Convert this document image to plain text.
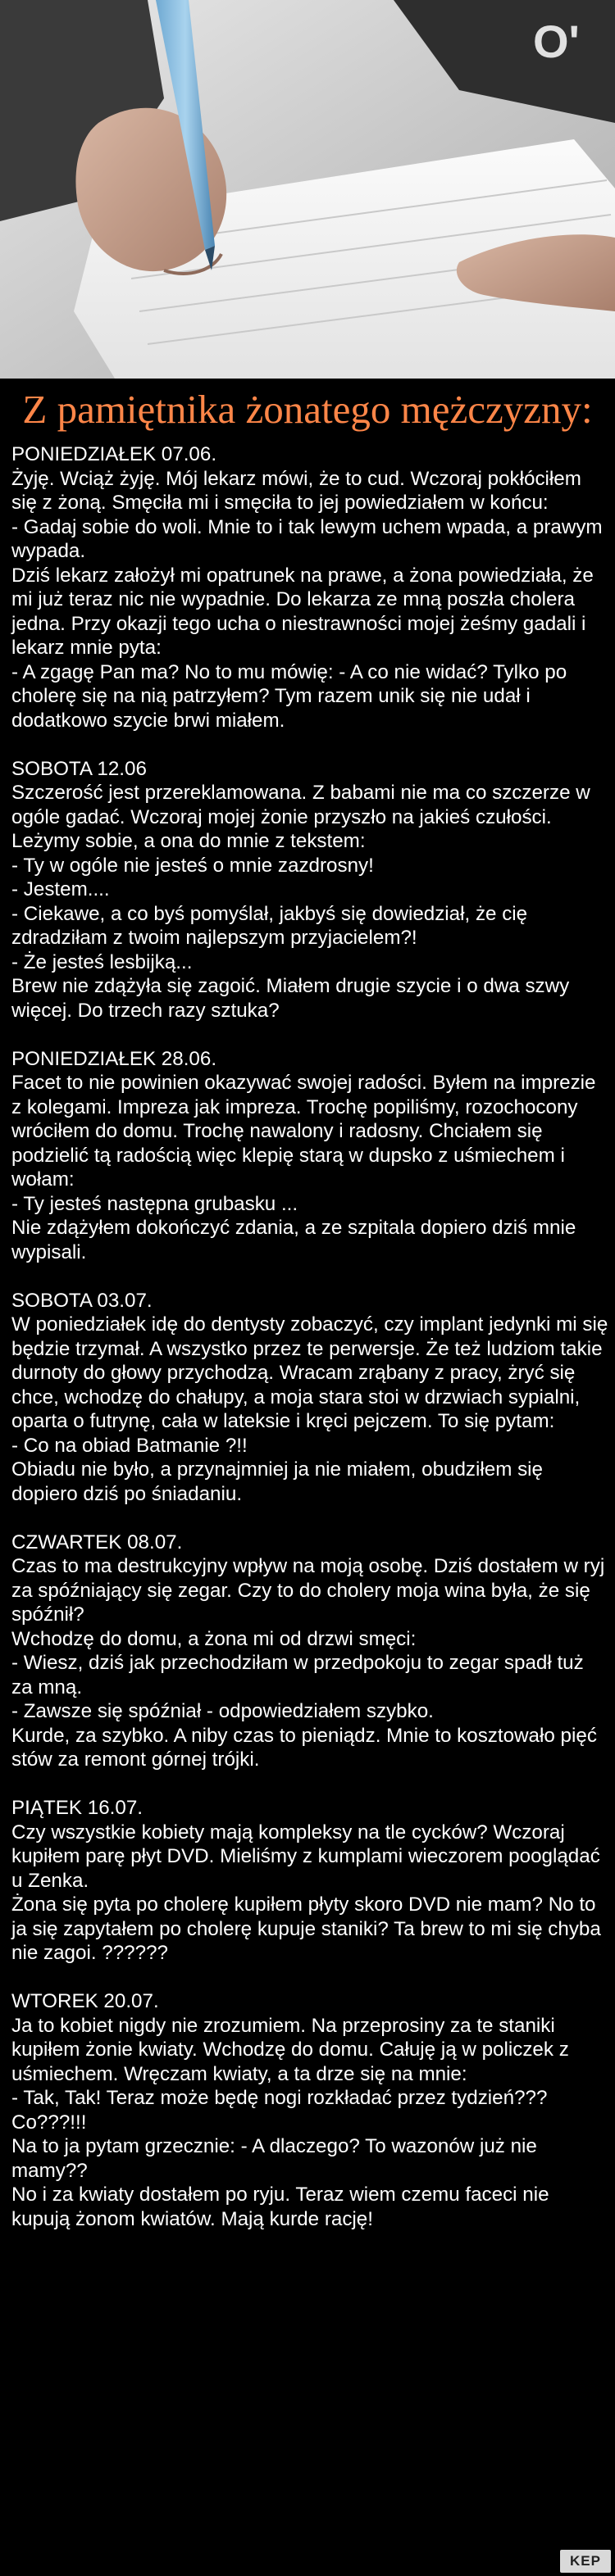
O'
Z pamiętnika żonatego mężczyzny:
PONIEDZIAŁEK 07.06.
Żyję. Wciąż żyję. Mój lekarz mówi, że to cud. Wczoraj pokłóciłem się z żoną. Smęciła mi i smęciła to jej powiedziałem w końcu:
- Gadaj sobie do woli. Mnie to i tak lewym uchem wpada, a prawym wypada.
Dziś lekarz założył mi opatrunek na prawe, a żona powiedziała, że mi już teraz nic nie wypadnie. Do lekarza ze mną poszła cholera jedna. Przy okazji tego ucha o niestrawności mojej żeśmy gadali i lekarz mnie pyta:
- A zgagę Pan ma? No to mu mówię: - A co nie widać? Tylko po cholerę się na nią patrzyłem? Tym razem unik się nie udał i dodatkowo szycie brwi miałem.
SOBOTA 12.06
Szczerość jest przereklamowana. Z babami nie ma co szczerze w ogóle gadać. Wczoraj mojej żonie przyszło na jakieś czułości. Leżymy sobie, a ona do mnie z tekstem:
- Ty w ogóle nie jesteś o mnie zazdrosny!
- Jestem....
- Ciekawe, a co byś pomyślał, jakbyś się dowiedział, że cię zdradziłam z twoim najlepszym przyjacielem?!
- Że jesteś lesbijką...
Brew nie zdążyła się zagoić. Miałem drugie szycie i o dwa szwy więcej. Do trzech razy sztuka?
PONIEDZIAŁEK 28.06.
Facet to nie powinien okazywać swojej radości. Byłem na imprezie z kolegami. Impreza jak impreza. Trochę popiliśmy, rozochocony wróciłem do domu. Trochę nawalony i radosny. Chciałem się podzielić tą radością więc klepię starą w dupsko z uśmiechem i wołam:
- Ty jesteś następna grubasku ...
Nie zdążyłem dokończyć zdania, a ze szpitala dopiero dziś mnie wypisali.
SOBOTA 03.07.
W poniedziałek idę do dentysty zobaczyć, czy implant jedynki mi się będzie trzymał. A wszystko przez te perwersje. Że też ludziom takie durnoty do głowy przychodzą. Wracam zrąbany z pracy, żryć się chce, wchodzę do chałupy, a moja stara stoi w drzwiach sypialni, oparta o futrynę, cała w lateksie i kręci pejczem. To się pytam:
- Co na obiad Batmanie ?!!
Obiadu nie było, a przynajmniej ja nie miałem, obudziłem się dopiero dziś po śniadaniu.
CZWARTEK 08.07.
Czas to ma destrukcyjny wpływ na moją osobę. Dziś dostałem w ryj za spóźniający się zegar. Czy to do cholery moja wina była, że się spóźnił?
Wchodzę do domu, a żona mi od drzwi smęci:
- Wiesz, dziś jak przechodziłam w przedpokoju to zegar spadł tuż za mną.
- Zawsze się spóźniał - odpowiedziałem szybko.
Kurde, za szybko. A niby czas to pieniądz. Mnie to kosztowało pięć stów za remont górnej trójki.
PIĄTEK 16.07.
Czy wszystkie kobiety mają kompleksy na tle cycków? Wczoraj kupiłem parę płyt DVD. Mieliśmy z kumplami wieczorem pooglądać u Zenka.
Żona się pyta po cholerę kupiłem płyty skoro DVD nie mam? No to ja się zapytałem po cholerę kupuje staniki? Ta brew to mi się chyba nie zagoi. ??????
WTOREK 20.07.
Ja to kobiet nigdy nie zrozumiem. Na przeprosiny za te staniki kupiłem żonie kwiaty. Wchodzę do domu. Całuję ją w policzek z uśmiechem. Wręczam kwiaty, a ta drze się na mnie:
- Tak, Tak! Teraz może będę nogi rozkładać przez tydzień??? Co???!!!
Na to ja pytam grzecznie: - A dlaczego? To wazonów już nie mamy??
No i za kwiaty dostałem po ryju. Teraz wiem czemu faceci nie kupują żonom kwiatów. Mają kurde rację!
KEP
